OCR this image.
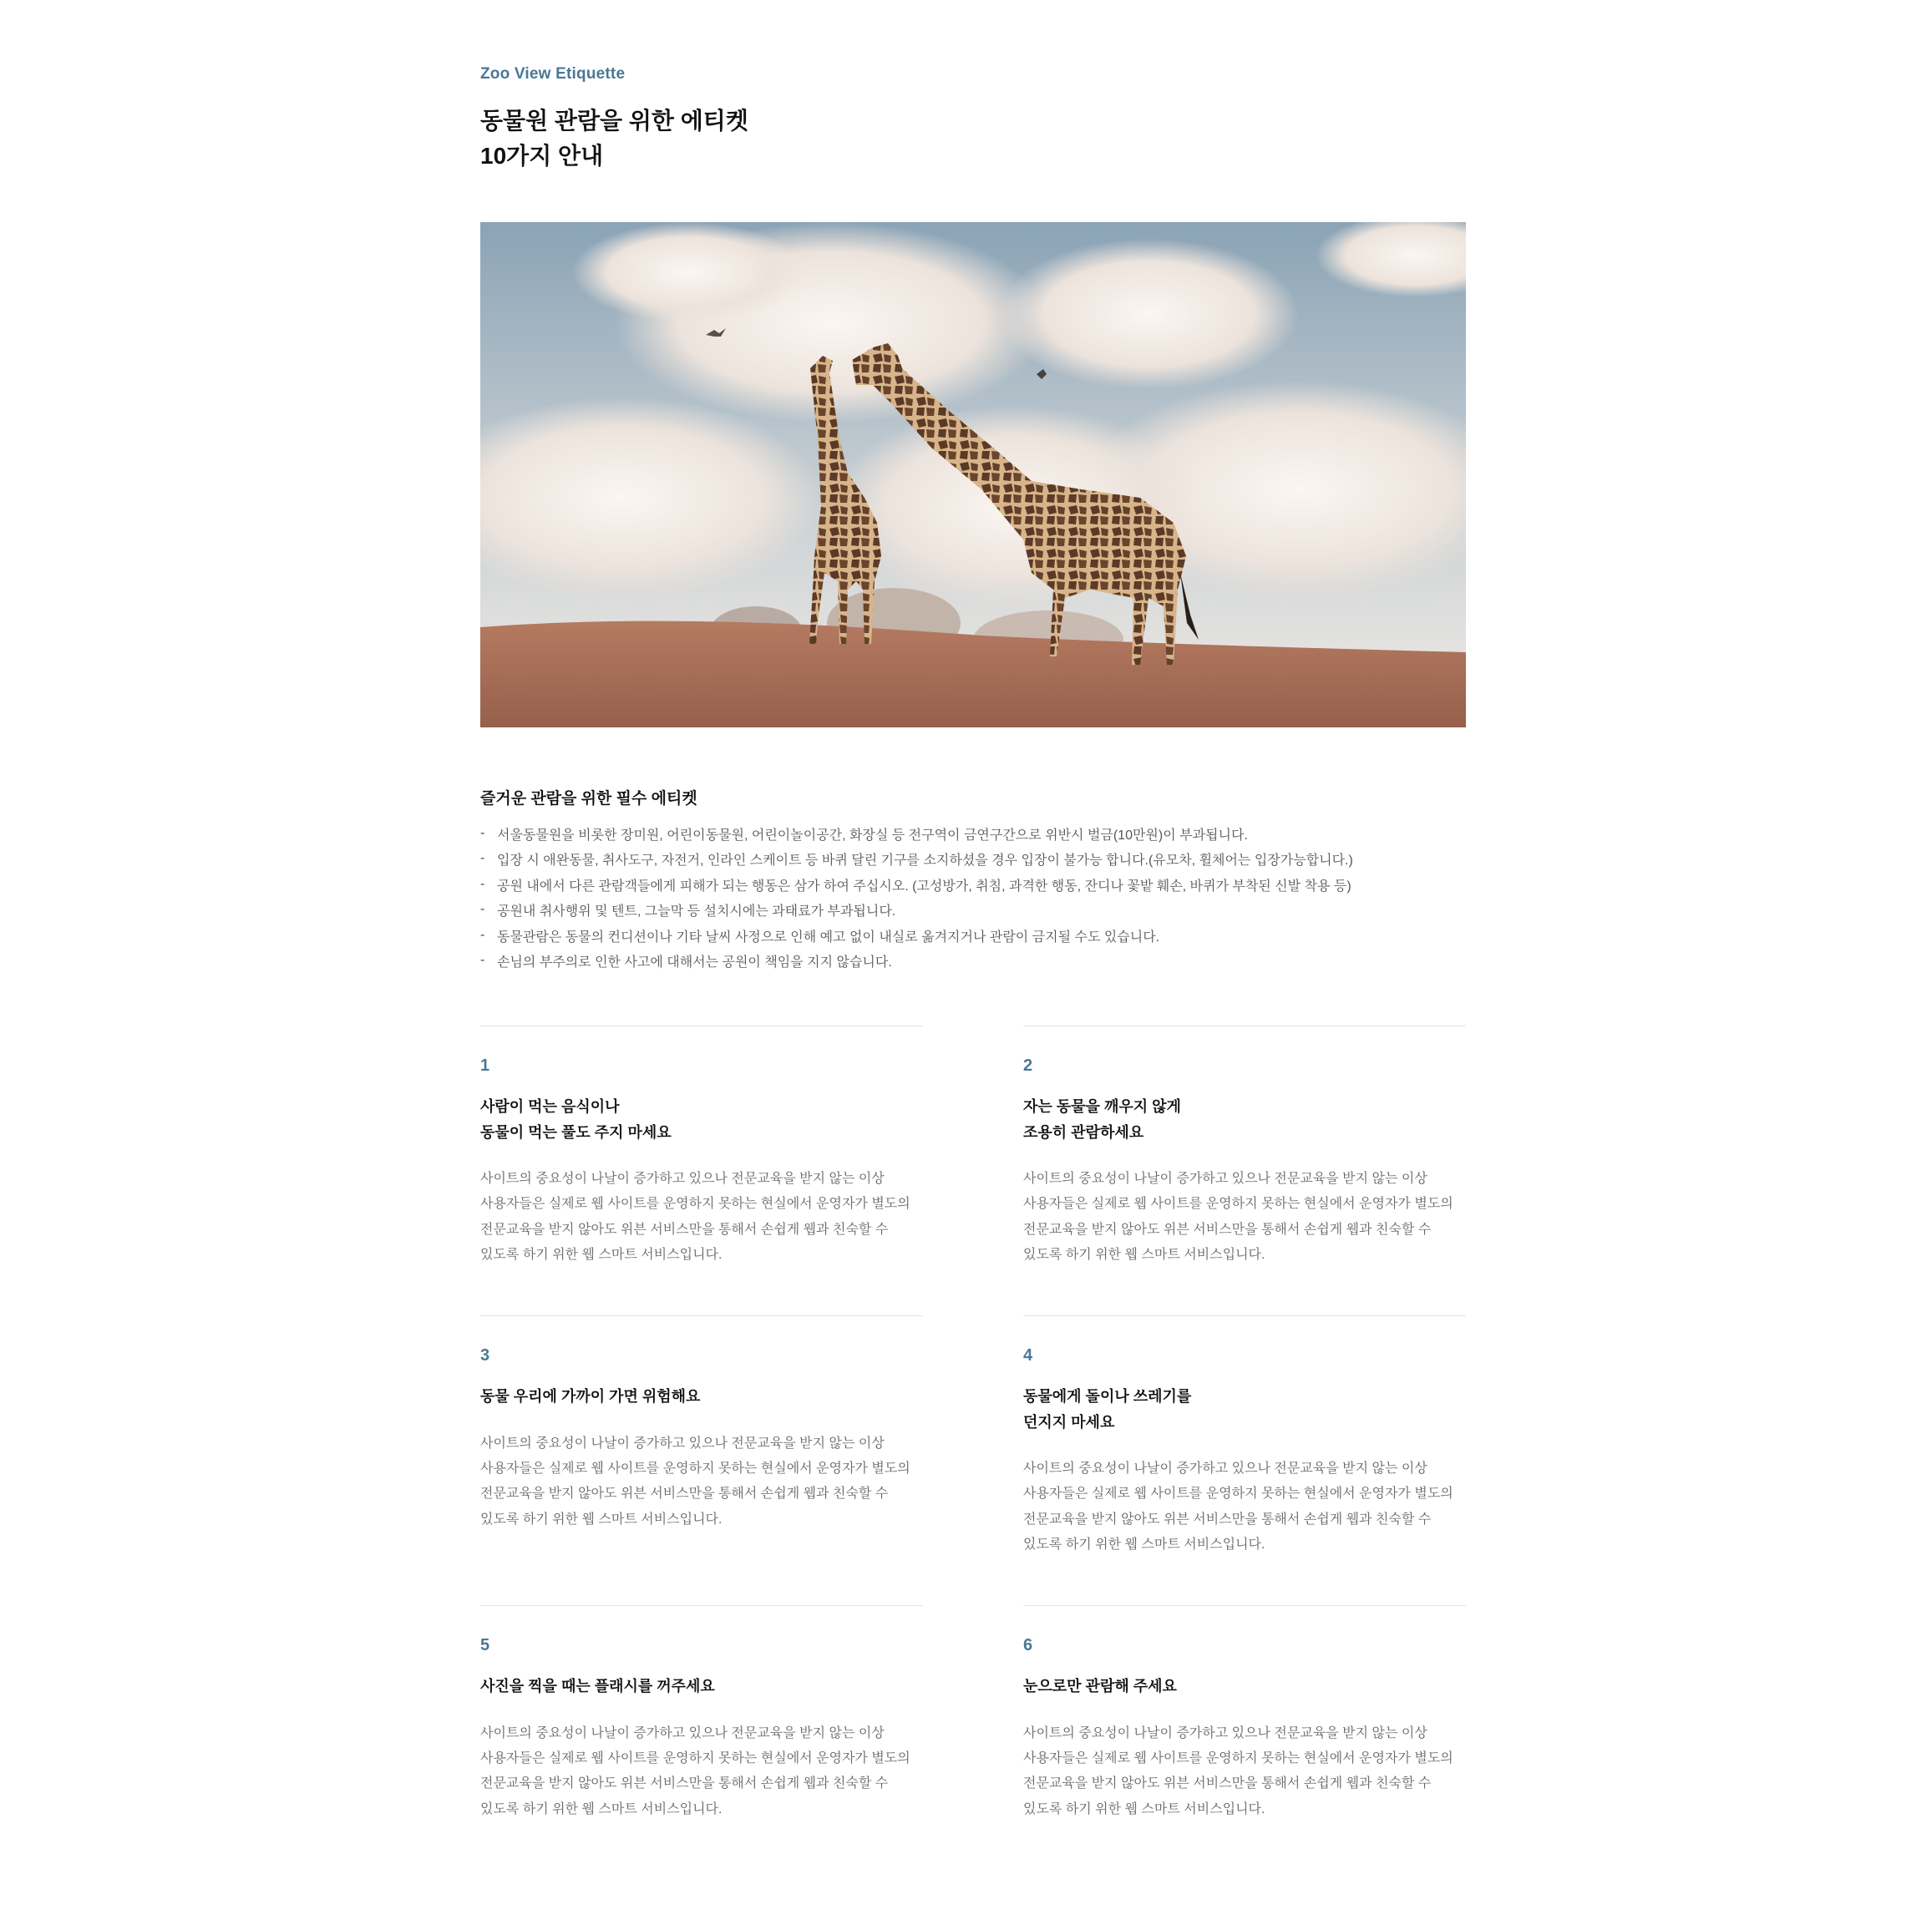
Zoo View Etiquette
동물원 관람을 위한 에티켓
10가지 안내
즐거운 관람을 위한 필수 에티켓
- 서울동물원을 비롯한 장미원, 어린이동물원, 어린이놀이공간, 화장실 등 전구역이 금연구간으로 위반시 벌금(10만원)이 부과됩니다.
- 입장 시 애완동물, 취사도구, 자전거, 인라인 스케이트 등 바퀴 달린 기구를 소지하셨을 경우 입장이 불가능 합니다.(유모차, 휠체어는 입장가능합니다.)
- 공원 내에서 다른 관람객들에게 피해가 되는 행동은 삼가 하여 주십시오. (고성방가, 취침, 과격한 행동, 잔디나 꽃밭 훼손, 바퀴가 부착된 신발 착용 등)
- 공원내 취사행위 및 텐트, 그늘막 등 설치시에는 과태료가 부과됩니다.
- 동물관람은 동물의 컨디션이나 기타 날씨 사정으로 인해 예고 없이 내실로 옮겨지거나 관람이 금지될 수도 있습니다.
- 손님의 부주의로 인한 사고에 대해서는 공원이 책임을 지지 않습니다.
1
사람이 먹는 음식이나
동물이 먹는 풀도 주지 마세요
사이트의 중요성이 나날이 증가하고 있으나 전문교육을 받지 않는 이상
사용자들은 실제로 웹 사이트를 운영하지 못하는 현실에서 운영자가 별도의
전문교육을 받지 않아도 위븐 서비스만을 통해서 손쉽게 웹과 친숙할 수
있도록 하기 위한 웹 스마트 서비스입니다.
2
자는 동물을 깨우지 않게
조용히 관람하세요
사이트의 중요성이 나날이 증가하고 있으나 전문교육을 받지 않는 이상
사용자들은 실제로 웹 사이트를 운영하지 못하는 현실에서 운영자가 별도의
전문교육을 받지 않아도 위븐 서비스만을 통해서 손쉽게 웹과 친숙할 수
있도록 하기 위한 웹 스마트 서비스입니다.
3
동물 우리에 가까이 가면 위험해요
사이트의 중요성이 나날이 증가하고 있으나 전문교육을 받지 않는 이상
사용자들은 실제로 웹 사이트를 운영하지 못하는 현실에서 운영자가 별도의
전문교육을 받지 않아도 위븐 서비스만을 통해서 손쉽게 웹과 친숙할 수
있도록 하기 위한 웹 스마트 서비스입니다.
4
동물에게 돌이나 쓰레기를
던지지 마세요
사이트의 중요성이 나날이 증가하고 있으나 전문교육을 받지 않는 이상
사용자들은 실제로 웹 사이트를 운영하지 못하는 현실에서 운영자가 별도의
전문교육을 받지 않아도 위븐 서비스만을 통해서 손쉽게 웹과 친숙할 수
있도록 하기 위한 웹 스마트 서비스입니다.
5
사진을 찍을 때는 플래시를 꺼주세요
사이트의 중요성이 나날이 증가하고 있으나 전문교육을 받지 않는 이상
사용자들은 실제로 웹 사이트를 운영하지 못하는 현실에서 운영자가 별도의
전문교육을 받지 않아도 위븐 서비스만을 통해서 손쉽게 웹과 친숙할 수
있도록 하기 위한 웹 스마트 서비스입니다.
6
눈으로만 관람해 주세요
사이트의 중요성이 나날이 증가하고 있으나 전문교육을 받지 않는 이상
사용자들은 실제로 웹 사이트를 운영하지 못하는 현실에서 운영자가 별도의
전문교육을 받지 않아도 위븐 서비스만을 통해서 손쉽게 웹과 친숙할 수
있도록 하기 위한 웹 스마트 서비스입니다.
